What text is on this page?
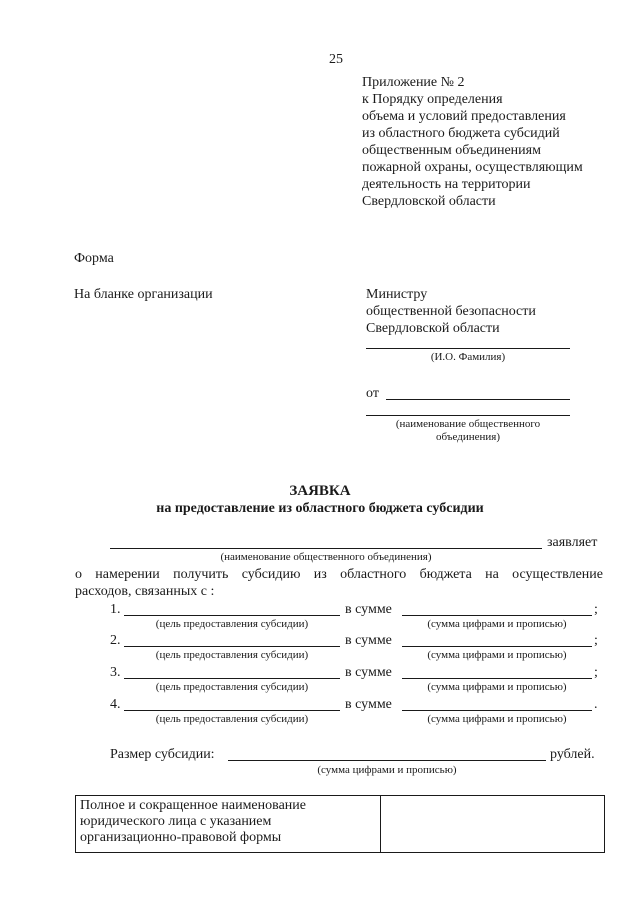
25
Приложение № 2
к Порядку определения
объема и условий предоставления
из областного бюджета субсидий
общественным объединениям
пожарной охраны, осуществляющим
деятельность на территории
Свердловской области
Форма
На бланке организации	Министру
общественной безопасности
Свердловской области
(И.О. Фамилия)
от
(наименование общественного
объединения)
ЗАЯВКА
на предоставление из областного бюджета субсидии
заявляет
(наименование общественного объединения)
о намерении получить субсидию из областного бюджета на осуществление
расходов, связанных с :
1.	в сумме	;
(цель предоставления субсидии)	(сумма цифрами и прописью)
2.	в сумме	;
(цель предоставления субсидии)	(сумма цифрами и прописью)
3.	в сумме	;
(цель предоставления субсидии)	(сумма цифрами и прописью)
4.	в сумме	.
(цель предоставления субсидии)	(сумма цифрами и прописью)
Размер субсидии:	рублей.
(сумма цифрами и прописью)
Полное и сокращенное наименование
юридического лица с указанием
организационно-правовой формы
